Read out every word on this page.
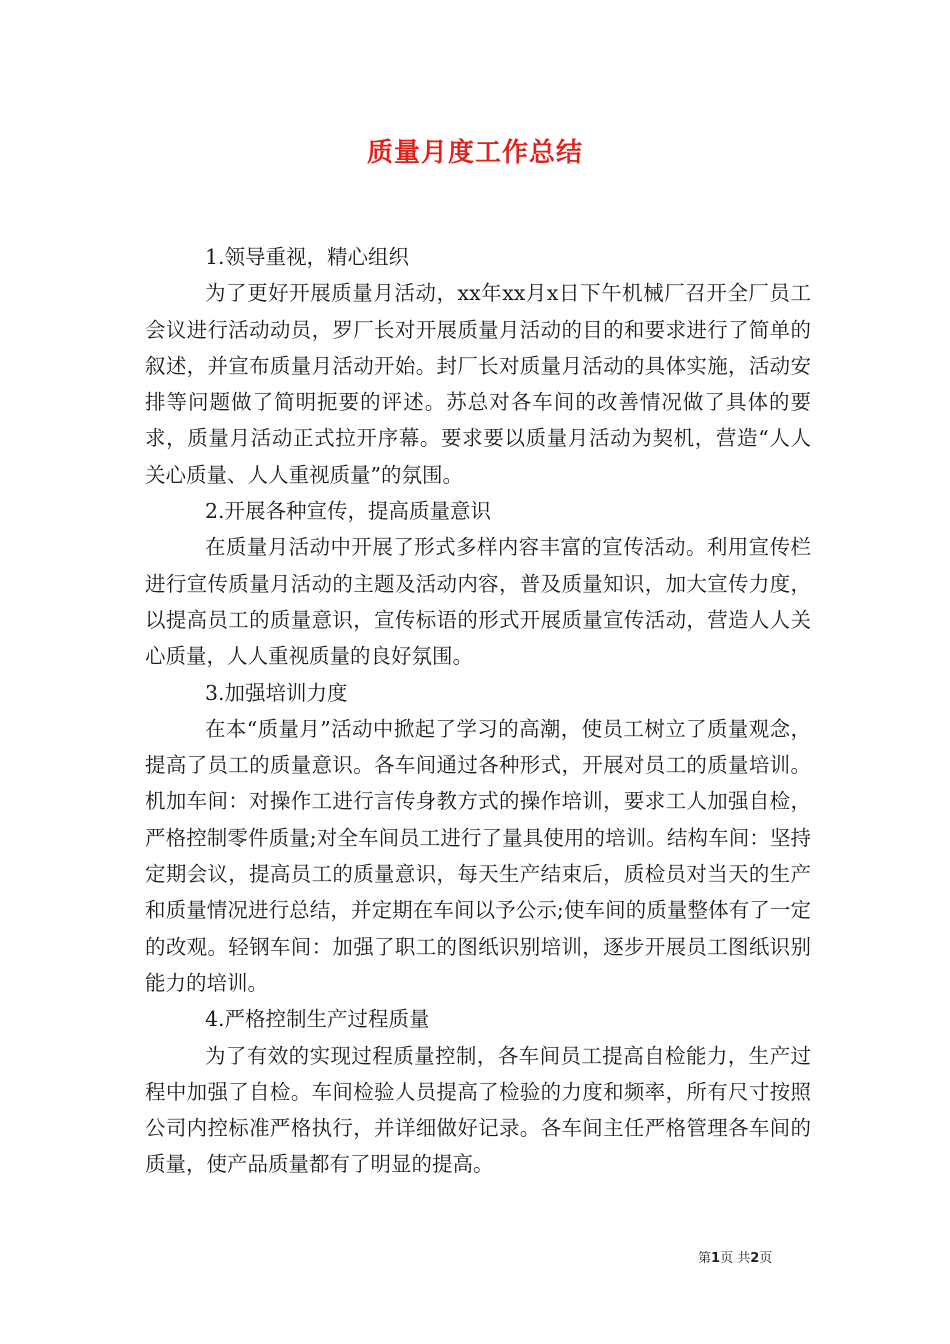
质量月度工作总结

1.领导重视，精心组织

为了更好开展质量月活动，xx年xx月x日下午机械厂召开全厂员工会议进行活动动员，罗厂长对开展质量月活动的目的和要求进行了简单的叙述，并宣布质量月活动开始。封厂长对质量月活动的具体实施，活动安排等问题做了简明扼要的评述。苏总对各车间的改善情况做了具体的要求，质量月活动正式拉开序幕。要求要以质量月活动为契机，营造“人人关心质量、人人重视质量”的氛围。

2.开展各种宣传，提高质量意识

在质量月活动中开展了形式多样内容丰富的宣传活动。利用宣传栏进行宣传质量月活动的主题及活动内容，普及质量知识，加大宣传力度，以提高员工的质量意识，宣传标语的形式开展质量宣传活动，营造人人关心质量，人人重视质量的良好氛围。

3.加强培训力度

在本“质量月”活动中掀起了学习的高潮，使员工树立了质量观念，提高了员工的质量意识。各车间通过各种形式，开展对员工的质量培训。机加车间：对操作工进行言传身教方式的操作培训，要求工人加强自检，严格控制零件质量;对全车间员工进行了量具使用的培训。结构车间：坚持定期会议，提高员工的质量意识，每天生产结束后，质检员对当天的生产和质量情况进行总结，并定期在车间以予公示;使车间的质量整体有了一定的改观。轻钢车间：加强了职工的图纸识别培训，逐步开展员工图纸识别能力的培训。

4.严格控制生产过程质量

为了有效的实现过程质量控制，各车间员工提高自检能力，生产过程中加强了自检。车间检验人员提高了检验的力度和频率，所有尺寸按照公司内控标准严格执行，并详细做好记录。各车间主任严格管理各车间的质量，使产品质量都有了明显的提高。

第1页 共2页
